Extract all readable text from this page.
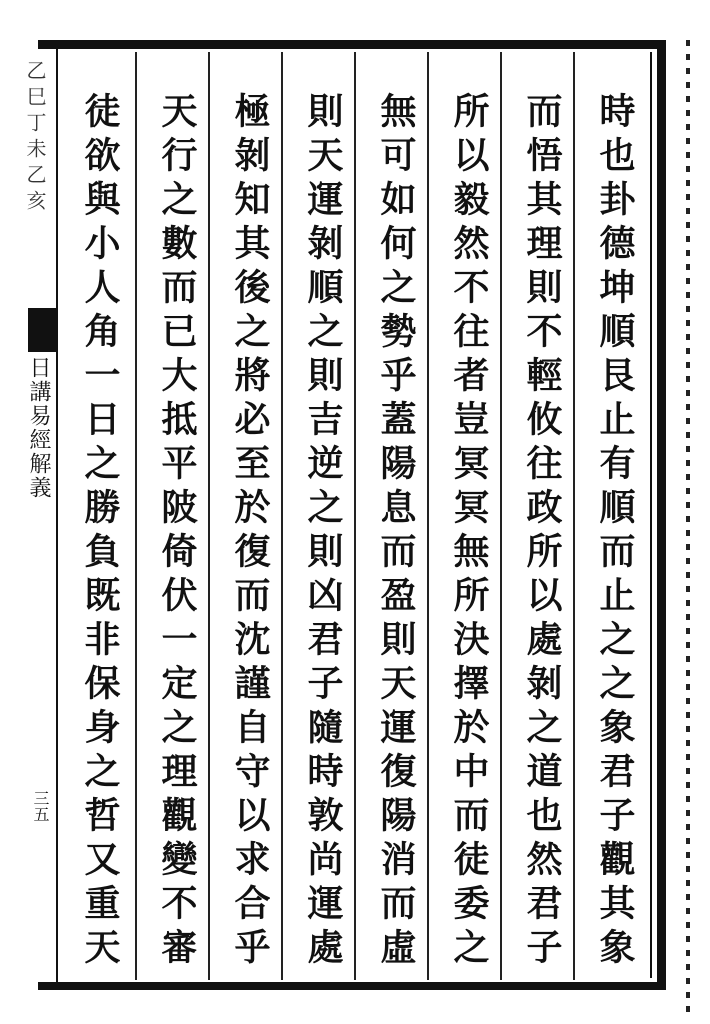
時也卦德坤順艮止有順而止之之象君子觀其象
而悟其理則不輕攸往政所以處剝之道也然君子
所以毅然不往者豈冥冥無所決擇於中而徒委之
無可如何之勢乎蓋陽息而盈則天運復陽消而虛
則天運剝順之則吉逆之則凶君子隨時敦尚運處
極剝知其後之將必至於復而沈謹自守以求合乎
天行之數而已大抵平陂倚伏一定之理觀變不審
徒欲與小人角一日之勝負既非保身之哲又重天
乙巳丁未乙亥
日講易經解義
三五
